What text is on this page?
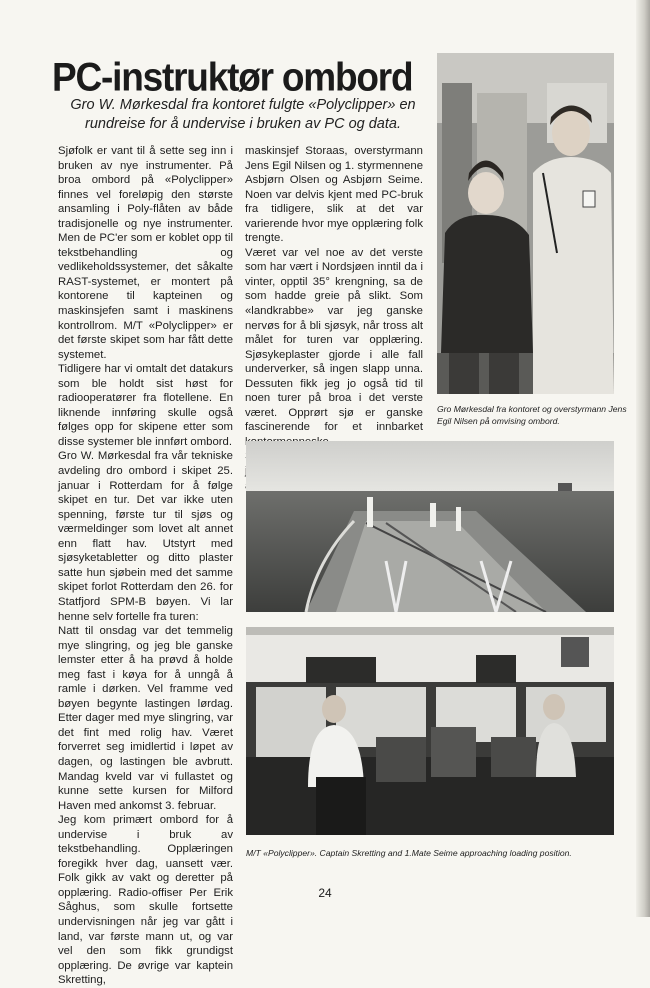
PC-instruktør ombord

Gro W. Mørkesdal fra kontoret fulgte «Polyclipper» en rundreise for å undervise i bruken av PC og data.

Sjøfolk er vant til å sette seg inn i bruken av nye instrumenter. På broa ombord på «Polyclipper» finnes vel foreløpig den største ansamling i Poly-flåten av både tradisjonelle og nye instrumenter. Men de PC'er som er koblet opp til tekstbehandling og vedlikeholdssystemer, det såkalte RAST-systemet, er montert på kontorene til kapteinen og maskinsjefen samt i maskinens kontrollrom. M/T «Polyclipper» er det første skipet som har fått dette systemet.

Tidligere har vi omtalt det datakurs som ble holdt sist høst for radiooperatører fra flotellene. En liknende innføring skulle også følges opp for skipene etter som disse systemer ble innført ombord.

Gro W. Mørkesdal fra vår tekniske avdeling dro ombord i skipet 25. januar i Rotterdam for å følge skipet en tur. Det var ikke uten spenning, første tur til sjøs og værmeldinger som lovet alt annet enn flatt hav. Utstyrt med sjøsyketabletter og ditto plaster satte hun sjøbein med det samme skipet forlot Rotterdam den 26. for Statfjord SPM-B bøyen. Vi lar henne selv fortelle fra turen:

Natt til onsdag var det temmelig mye slingring, og jeg ble ganske lemster etter å ha prøvd å holde meg fast i køya for å unngå å ramle i dørken. Vel framme ved bøyen begynte lastingen lørdag. Etter dager med mye slingring, var det fint med rolig hav. Været forverret seg imidlertid i løpet av dagen, og lastingen ble avbrutt. Mandag kveld var vi fullastet og kunne sette kursen for Milford Haven med ankomst 3. februar.

Jeg kom primært ombord for å undervise i bruk av tekstbehandling. Opplæringen foregikk hver dag, uansett vær. Folk gikk av vakt og deretter på opplæring. Radio-offiser Per Erik Såghus, som skulle fortsette undervisningen når jeg var gått i land, var første mann ut, og var vel den som fikk grundigst opplæring. De øvrige var kaptein Skretting,

maskinsjef Storaas, overstyrmann Jens Egil Nilsen og 1. styrmennene Asbjørn Olsen og Asbjørn Seime. Noen var delvis kjent med PC-bruk fra tidligere, slik at det var varierende hvor mye opplæring folk trengte.

Været var vel noe av det verste som har vært i Nordsjøen inntil da i vinter, opptil 35° krengning, sa de som hadde greie på slikt. Som «landkrabbe» var jeg ganske nervøs for å bli sjøsyk, når tross alt målet for turen var opplæring. Sjøsykeplaster gjorde i alle fall underverker, så ingen slapp unna. Dessuten fikk jeg jo også tid til noen turer på broa i det verste været. Opprørt sjø er ganske fascinerende for et innbarket

Gro Mørkesdal fra kontoret og overstyrmann Jens Egil Nilsen på omvising ombord.
M/T «Polyclipper». Captain Skretting and 1.Mate Seime approaching loading position.
24
